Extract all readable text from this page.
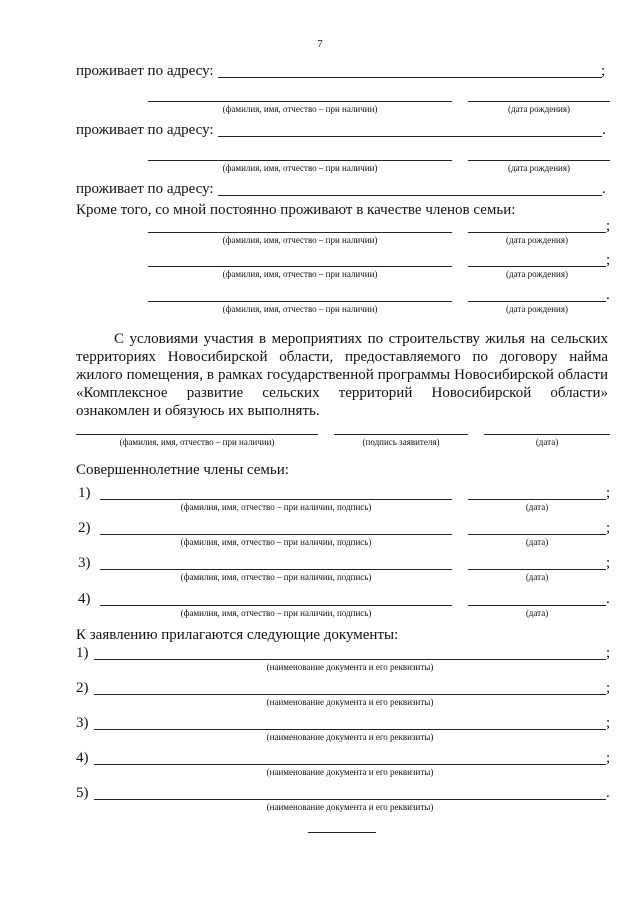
7
проживает по адресу:	;
(фамилия, имя, отчество – при наличии)	(дата рождения)
проживает по адресу:	.
(фамилия, имя, отчество – при наличии)	(дата рождения)
проживает по адресу:	.
Кроме того, со мной постоянно проживают в качестве членов семьи:
;
(фамилия, имя, отчество – при наличии)	(дата рождения)
;
(фамилия, имя, отчество – при наличии)	(дата рождения)
.
(фамилия, имя, отчество – при наличии)	(дата рождения)
С условиями участия в мероприятиях по строительству жилья на сельских территориях Новосибирской области, предоставляемого по договору найма жилого помещения, в рамках государственной программы Новосибирской области «Комплексное развитие сельских территорий Новосибирской области» ознакомлен и обязуюсь их выполнять.
(фамилия, имя, отчество – при наличии)	(подпись заявителя)	(дата)
Совершеннолетние члены семьи:
1)	;
(фамилия, имя, отчество – при наличии, подпись)	(дата)
2)	;
(фамилия, имя, отчество – при наличии, подпись)	(дата)
3)	;
(фамилия, имя, отчество – при наличии, подпись)	(дата)
4)	.
(фамилия, имя, отчество – при наличии, подпись)	(дата)
К заявлению прилагаются следующие документы:
1)	;
(наименование документа и его реквизиты)
2)	;
(наименование документа и его реквизиты)
3)	;
(наименование документа и его реквизиты)
4)	;
(наименование документа и его реквизиты)
5)	.
(наименование документа и его реквизиты)
